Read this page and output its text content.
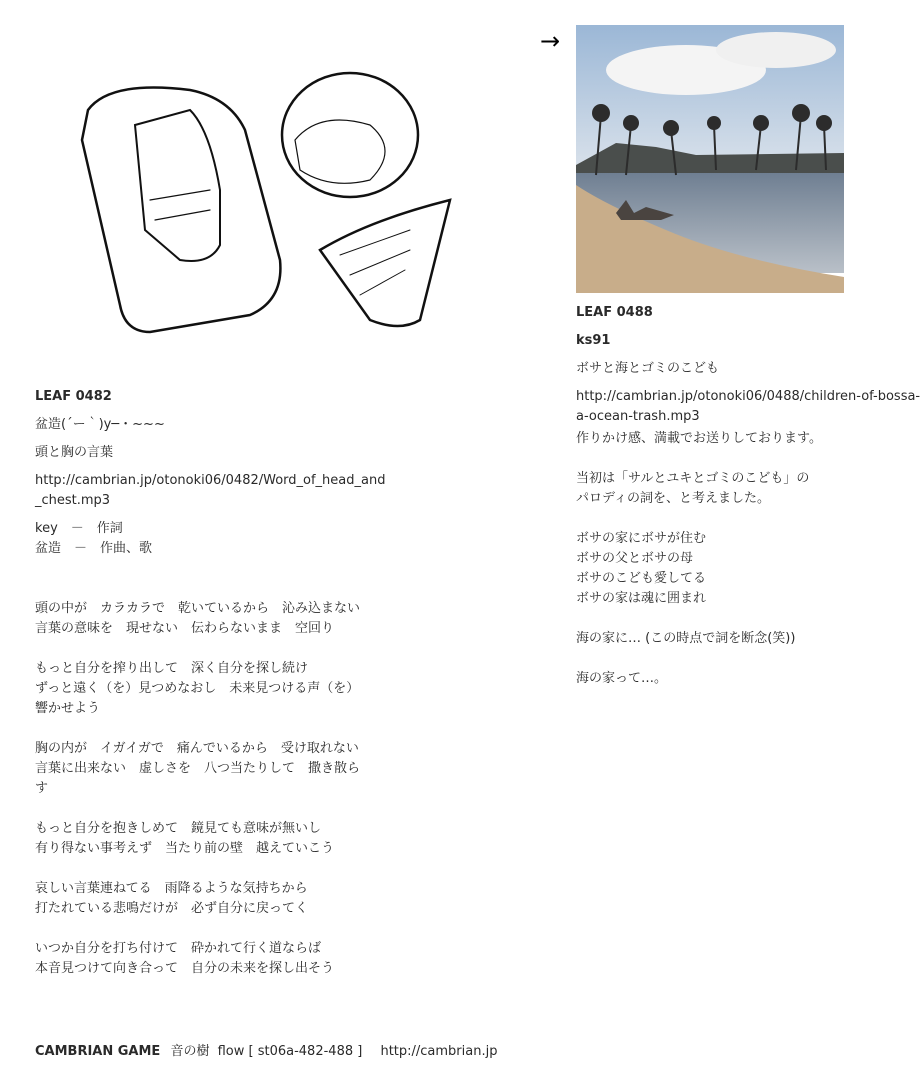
→
LEAF 0482
盆造(´ー｀)y─・~~~
頭と胸の言葉
http://cambrian.jp/otonoki06/0482/Word_of_head_and
_chest.mp3
key　－　作詞
盆造　－　作曲、歌
頭の中が　カラカラで　乾いているから　沁み込まない
言葉の意味を　現せない　伝わらないまま　空回り
もっと自分を搾り出して　深く自分を探し続け
ずっと遠く（を）見つめなおし　未来見つける声（を）
響かせよう
胸の内が　イガイガで　痛んでいるから　受け取れない
言葉に出来ない　虚しさを　八つ当たりして　撒き散ら
す
もっと自分を抱きしめて　鏡見ても意味が無いし
有り得ない事考えず　当たり前の壁　越えていこう
哀しい言葉連ねてる　雨降るような気持ちから
打たれている悲鳴だけが　必ず自分に戻ってく
いつか自分を打ち付けて　砕かれて行く道ならば
本音見つけて向き合って　自分の未来を探し出そう
LEAF 0488
ks91
ボサと海とゴミのこども
http://cambrian.jp/otonoki06/0488/children-of-bossa-
a-ocean-trash.mp3
作りかけ感、満載でお送りしております。
当初は「サルとユキとゴミのこども」の
パロディの詞を、と考えました。
ボサの家にボサが住む
ボサの父とボサの母
ボサのこども愛してる
ボサの家は魂に囲まれ
海の家に… (この時点で詞を断念(笑))
海の家って…。
CAMBRIAN GAME 音の樹 flow [ st06a-482-488 ] http://cambrian.jp
